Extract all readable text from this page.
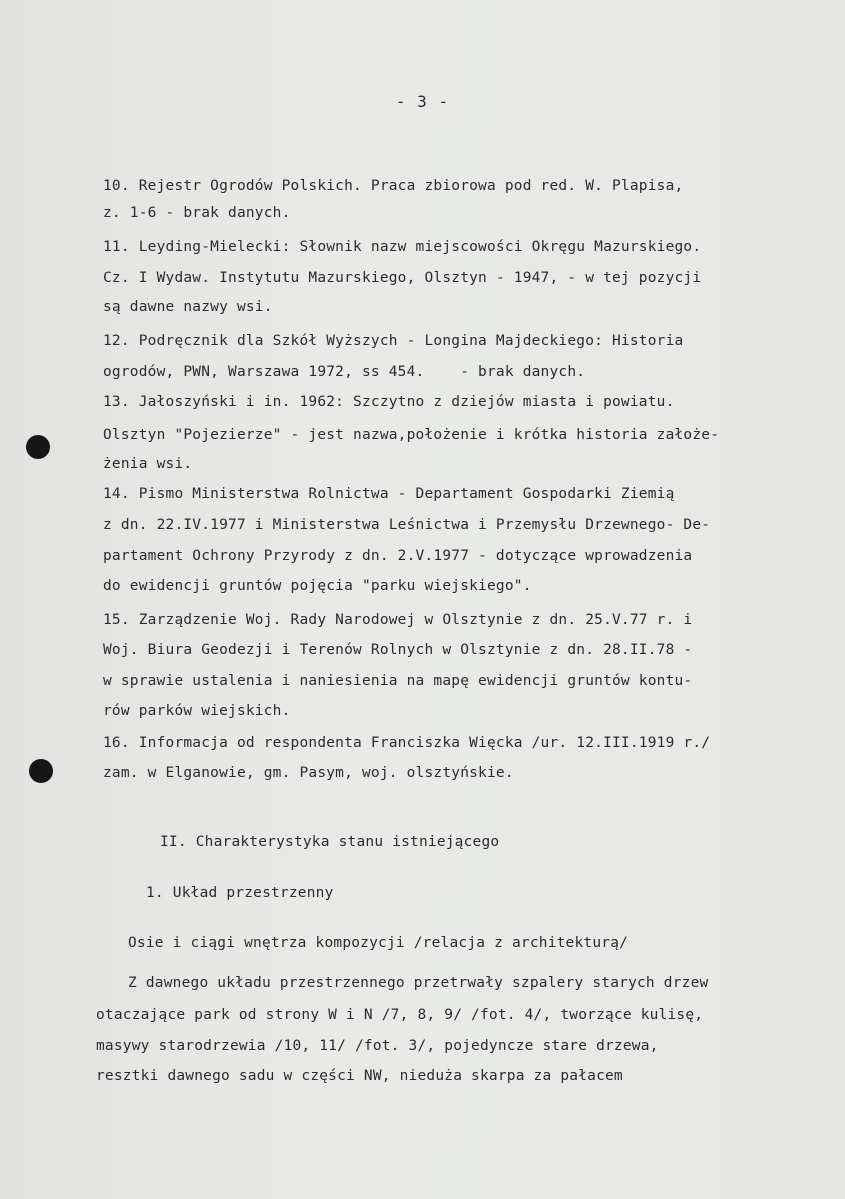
- 3 -
10. Rejestr Ogrodów Polskich. Praca zbiorowa pod red. W. Plapisa,
z. 1-6 - brak danych.
11. Leyding-Mielecki: Słownik nazw miejscowości Okręgu Mazurskiego.
Cz. I Wydaw. Instytutu Mazurskiego, Olsztyn - 1947, - w tej pozycji
są dawne nazwy wsi.
12. Podręcznik dla Szkół Wyższych - Longina Majdeckiego: Historia
ogrodów, PWN, Warszawa 1972, ss 454.    - brak danych.
13. Jałoszyński i in. 1962: Szczytno z dziejów miasta i powiatu.
Olsztyn "Pojezierze" - jest nazwa,położenie i krótka historia założe-
żenia wsi.
14. Pismo Ministerstwa Rolnictwa - Departament Gospodarki Ziemią
z dn. 22.IV.1977 i Ministerstwa Leśnictwa i Przemysłu Drzewnego- De-
partament Ochrony Przyrody z dn. 2.V.1977 - dotyczące wprowadzenia
do ewidencji gruntów pojęcia "parku wiejskiego".
15. Zarządzenie Woj. Rady Narodowej w Olsztynie z dn. 25.V.77 r. i
Woj. Biura Geodezji i Terenów Rolnych w Olsztynie z dn. 28.II.78 -
w sprawie ustalenia i naniesienia na mapę ewidencji gruntów kontu-
rów parków wiejskich.
16. Informacja od respondenta Franciszka Więcka /ur. 12.III.1919 r./
zam. w Elganowie, gm. Pasym, woj. olsztyńskie.
II. Charakterystyka stanu istniejącego
1. Układ przestrzenny
Osie i ciągi wnętrza kompozycji /relacja z architekturą/
Z dawnego układu przestrzennego przetrwały szpalery starych drzew
otaczające park od strony W i N /7, 8, 9/ /fot. 4/, tworzące kulisę,
masywy starodrzewia /10, 11/ /fot. 3/, pojedyncze stare drzewa,
resztki dawnego sadu w części NW, nieduża skarpa za pałacem
